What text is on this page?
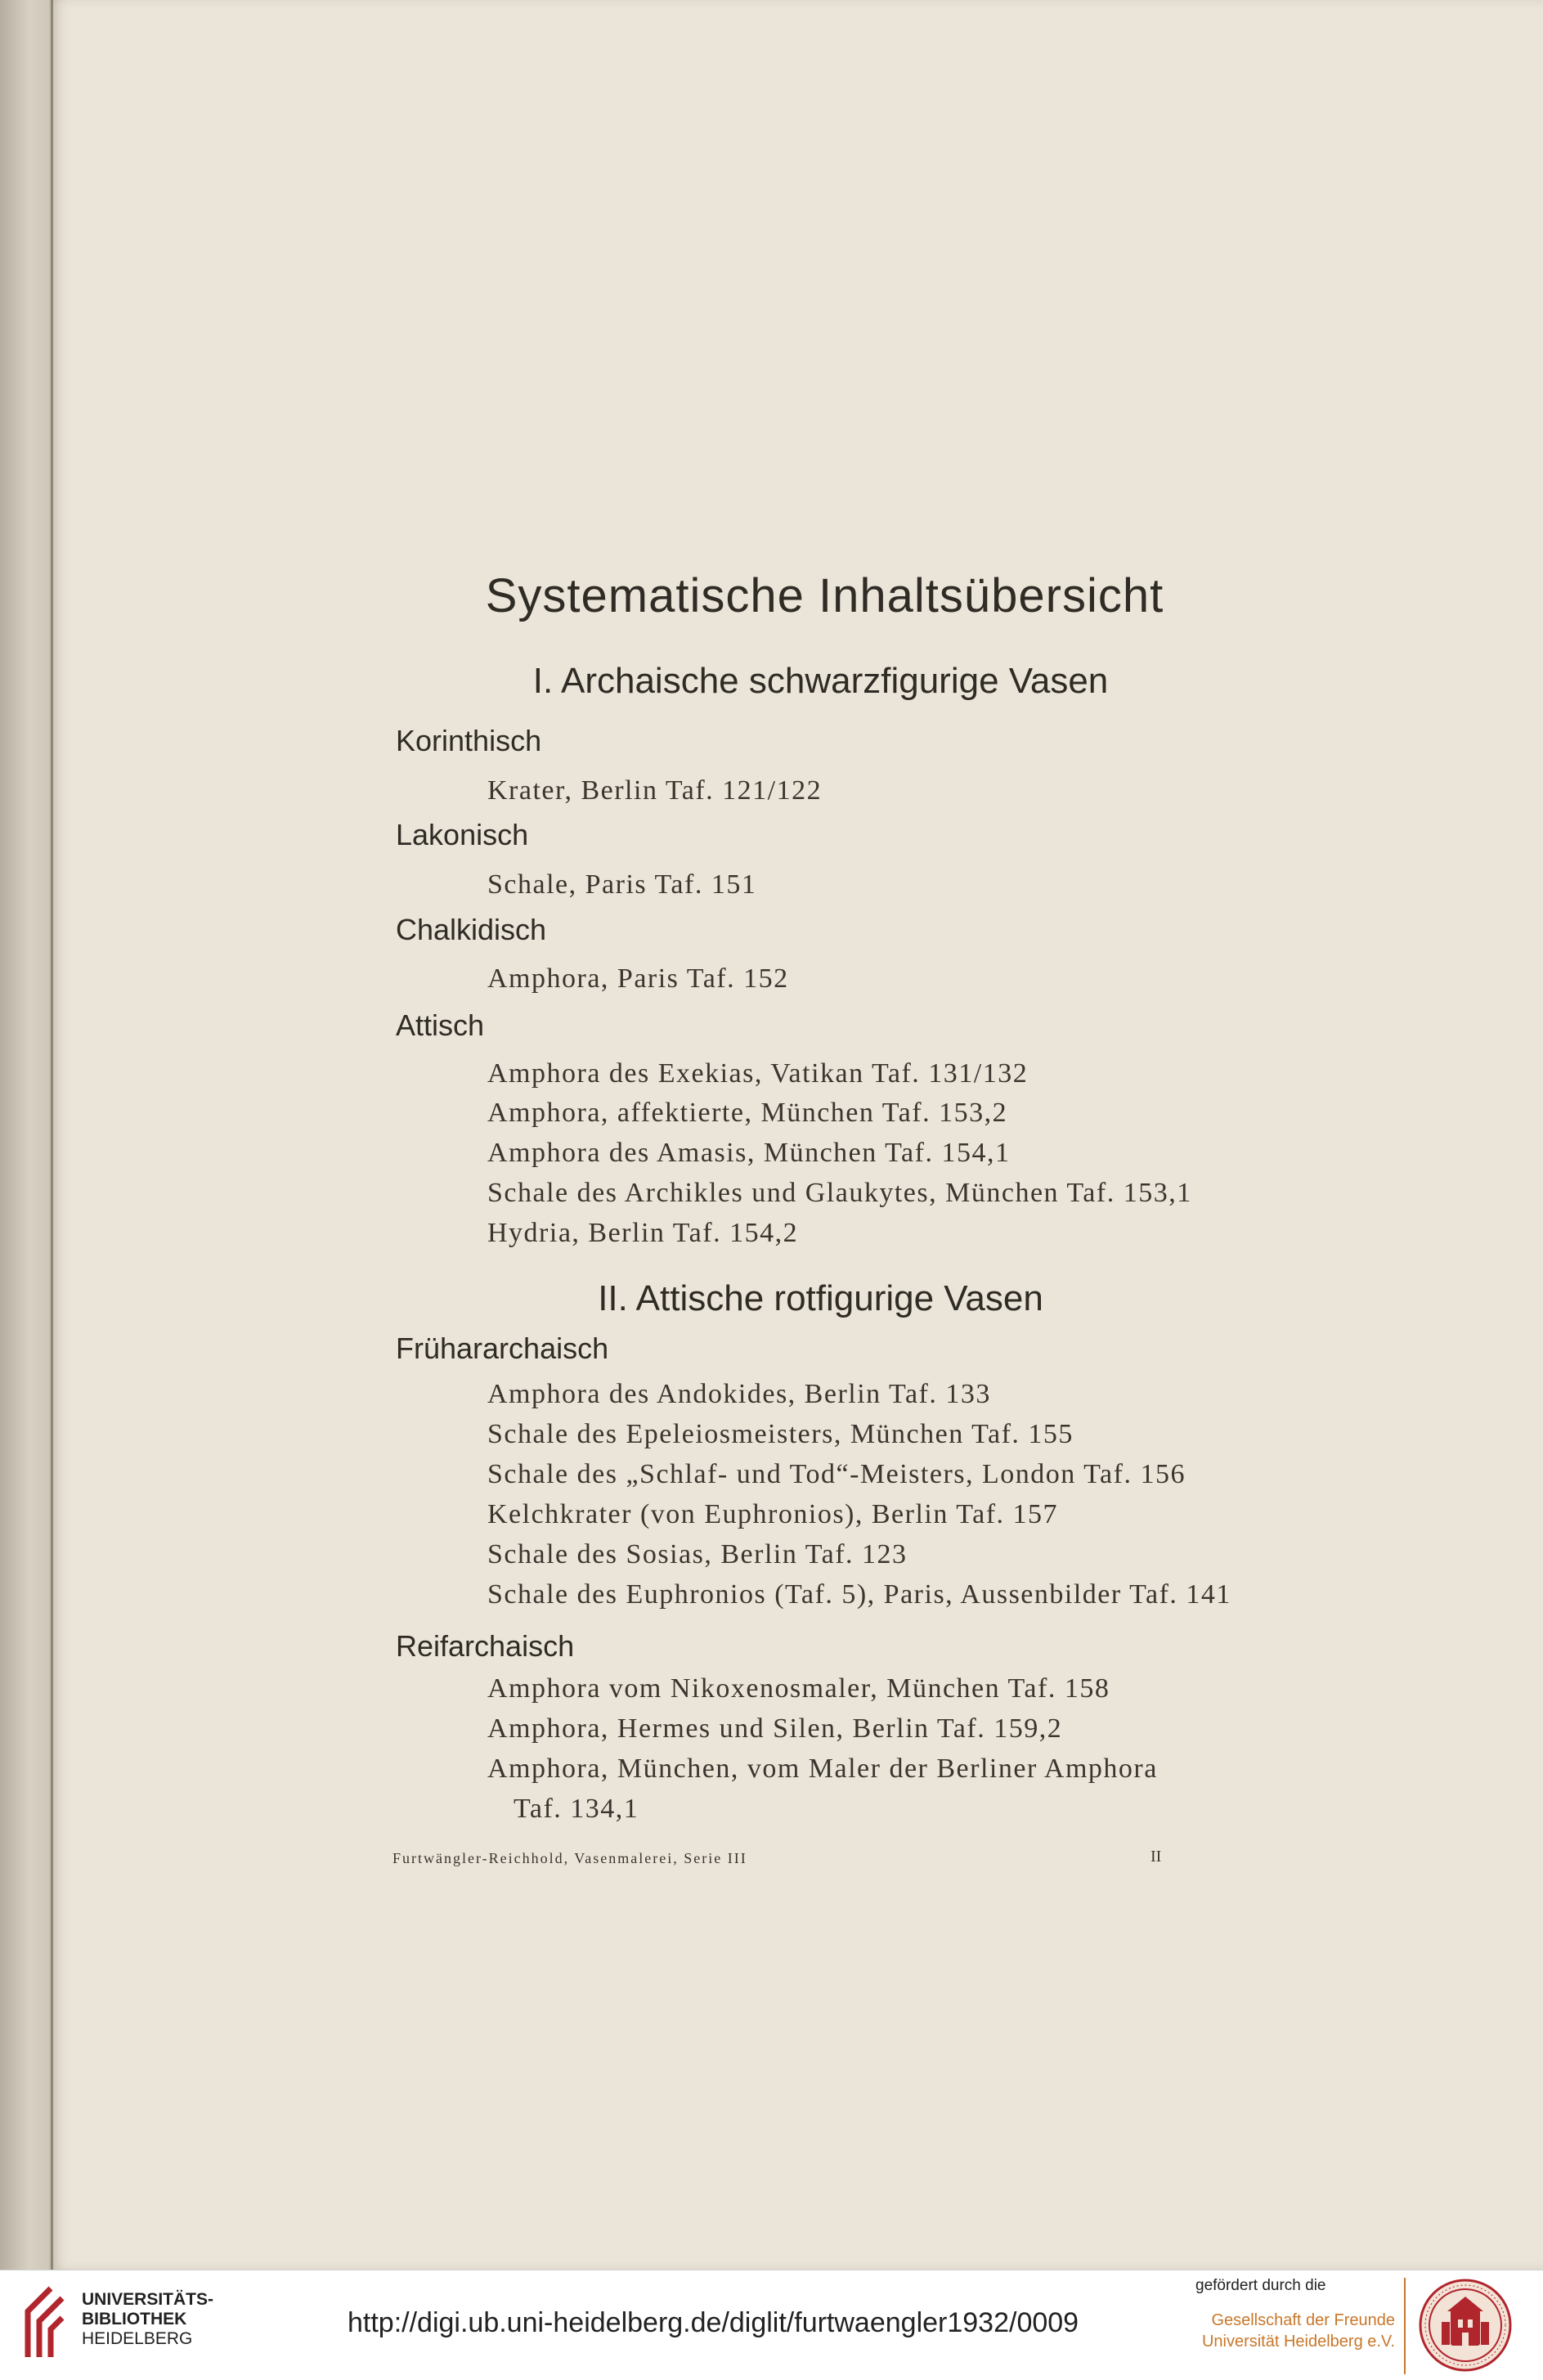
Systematische Inhaltsübersicht
I. Archaische schwarzfigurige Vasen
Korinthisch
Krater, Berlin Taf. 121/122
Lakonisch
Schale, Paris Taf. 151
Chalkidisch
Amphora, Paris Taf. 152
Attisch
Amphora des Exekias, Vatikan Taf. 131/132
Amphora, affektierte, München Taf. 153,2
Amphora des Amasis, München Taf. 154,1
Schale des Archikles und Glaukytes, München Taf. 153,1
Hydria, Berlin Taf. 154,2
II. Attische rotfigurige Vasen
Frühararchaisch
Amphora des Andokides, Berlin Taf. 133
Schale des Epeleiosmeisters, München Taf. 155
Schale des „Schlaf- und Tod“-Meisters, London Taf. 156
Kelchkrater (von Euphronios), Berlin Taf. 157
Schale des Sosias, Berlin Taf. 123
Schale des Euphronios (Taf. 5), Paris, Aussenbilder Taf. 141
Reifarchaisch
Amphora vom Nikoxenosmaler, München Taf. 158
Amphora, Hermes und Silen, Berlin Taf. 159,2
Amphora, München, vom Maler der Berliner Amphora
Taf. 134,1
Furtwängler-Reichhold, Vasenmalerei, Serie III	II
UNIVERSITÄTS-
BIBLIOTHEK
HEIDELBERG
http://digi.ub.uni-heidelberg.de/diglit/furtwaengler1932/0009
gefördert durch die
Gesellschaft der Freunde
Universität Heidelberg e.V.
